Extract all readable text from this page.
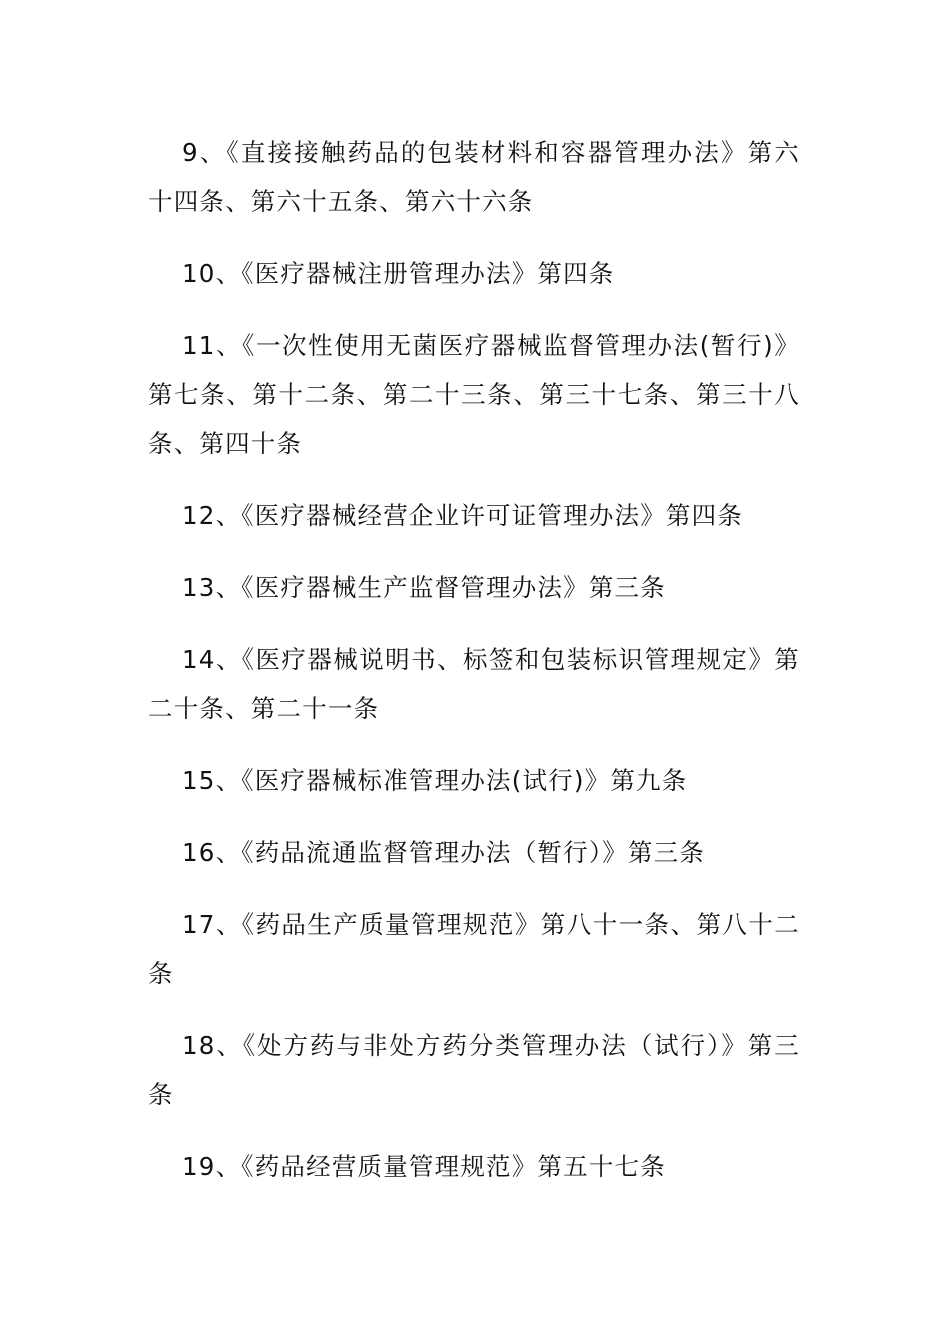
9、《直接接触药品的包装材料和容器管理办法》第六十四条、第六十五条、第六十六条

10、《医疗器械注册管理办法》第四条

11、《一次性使用无菌医疗器械监督管理办法(暂行)》第七条、第十二条、第二十三条、第三十七条、第三十八条、第四十条

12、《医疗器械经营企业许可证管理办法》第四条

13、《医疗器械生产监督管理办法》第三条

14、《医疗器械说明书、标签和包装标识管理规定》第二十条、第二十一条

15、《医疗器械标准管理办法(试行)》第九条

16、《药品流通监督管理办法（暂行）》第三条

17、《药品生产质量管理规范》第八十一条、第八十二条

18、《处方药与非处方药分类管理办法（试行）》第三条

19、《药品经营质量管理规范》第五十七条
